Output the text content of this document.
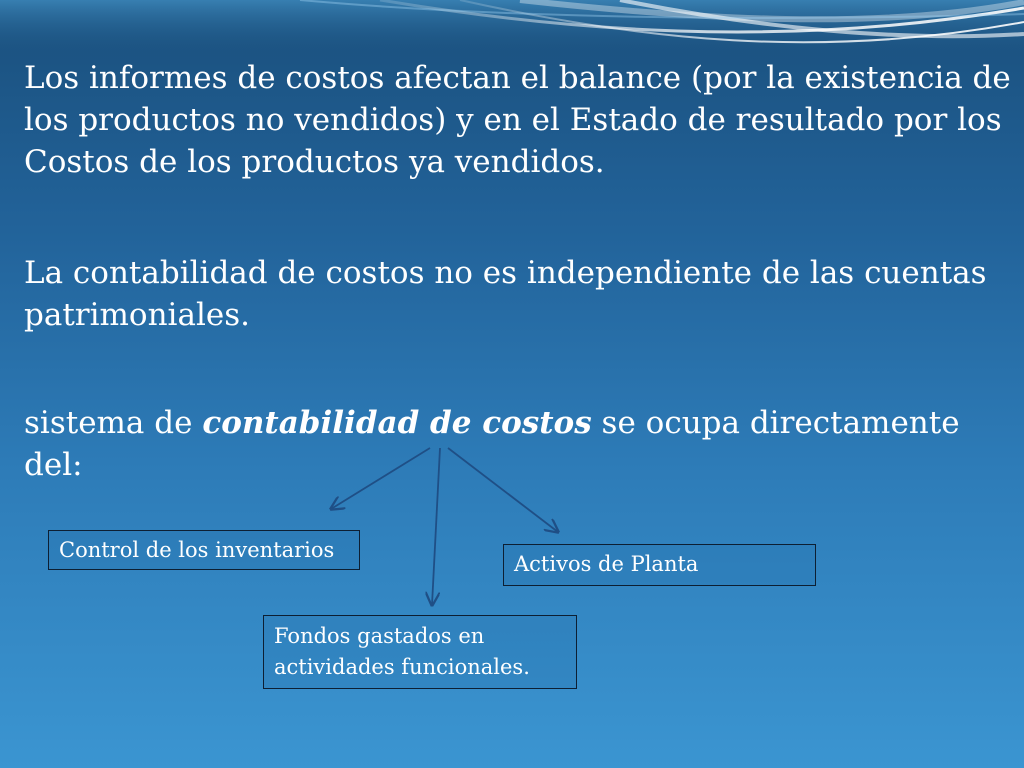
Los informes de costos afectan el balance (por la existencia de los productos no vendidos) y en el Estado de resultado por los Costos de los productos ya vendidos.

La contabilidad de costos no es independiente de las cuentas patrimoniales.

sistema de contabilidad de costos se ocupa directamente del:

Control de los inventarios
Activos de Planta
Fondos gastados en
actividades funcionales.
